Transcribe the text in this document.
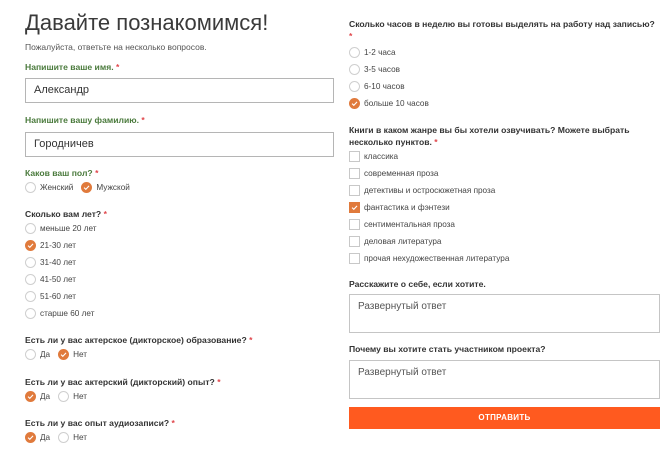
Давайте познакомимся!
Пожалуйста, ответьте на несколько вопросов.
Напишите ваше имя. *
Александр
Напишите вашу фамилию. *
Городничев
Каков ваш пол? *
Женский	Мужской
Сколько вам лет? *
меньше 20 лет
21-30 лет
31-40 лет
41-50 лет
51-60 лет
старше 60 лет
Есть ли у вас актерское (дикторское) образование? *
Да	Нет
Есть ли у вас актерский (дикторский) опыт? *
Да	Нет
Есть ли у вас опыт аудиозаписи? *
Да	Нет
Сколько часов в неделю вы готовы выделять на работу над записью?
*
1-2 часа
3-5 часов
6-10 часов
больше 10 часов
Книги в каком жанре вы бы хотели озвучивать? Можете выбрать
несколько пунктов. *
классика
современная проза
детективы и остросюжетная проза
фантастика и фэнтези
сентиментальная проза
деловая литература
прочая нехудожественная литература
Расскажите о себе, если хотите.
Развернутый ответ
Почему вы хотите стать участником проекта?
Развернутый ответ
ОТПРАВИТЬ
